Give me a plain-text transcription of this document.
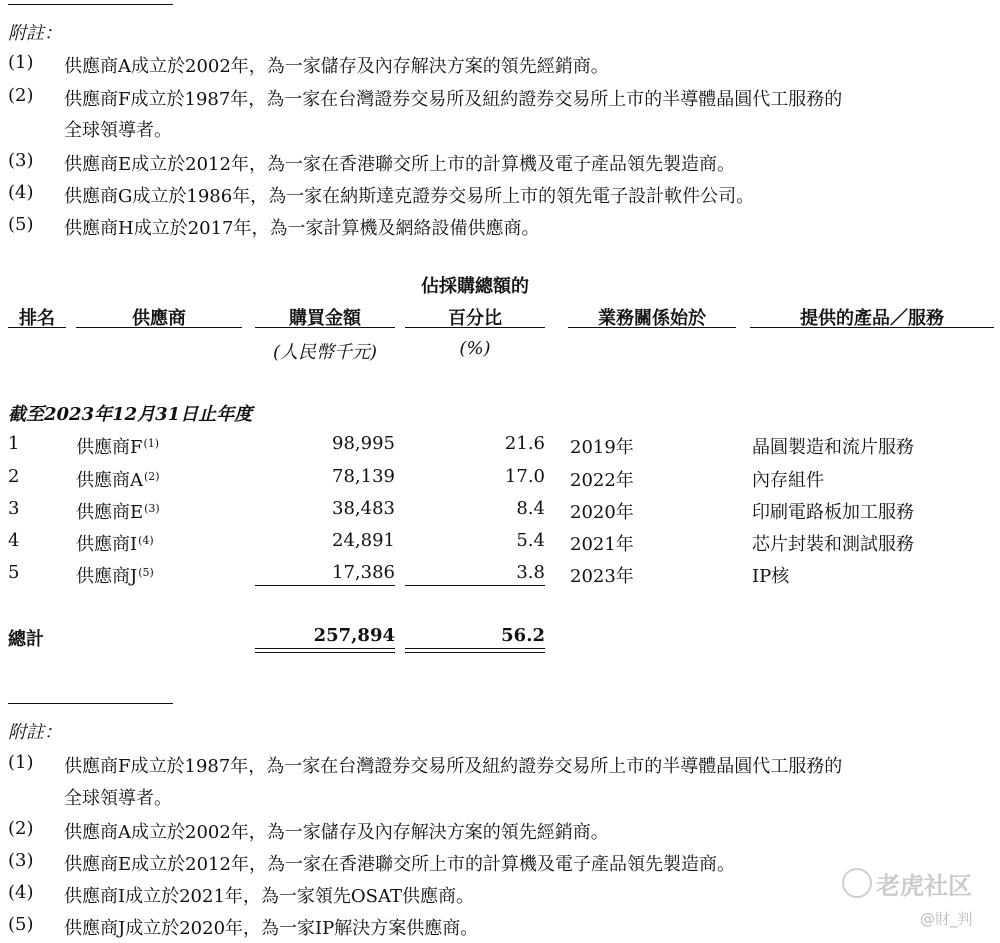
附註：
(1) 供應商A成立於2002年，為一家儲存及內存解決方案的領先經銷商。
(2) 供應商F成立於1987年，為一家在台灣證券交易所及紐約證券交易所上市的半導體晶圓代工服務的
全球領導者。
(3) 供應商E成立於2012年，為一家在香港聯交所上市的計算機及電子產品領先製造商。
(4) 供應商G成立於1986年，為一家在納斯達克證券交易所上市的領先電子設計軟件公司。
(5) 供應商H成立於2017年，為一家計算機及網絡設備供應商。
佔採購總額的
排名	供應商	購買金額	百分比	業務關係始於	提供的產品／服務
(人民幣千元)	(%)
截至2023年12月31日止年度
1	供應商$F^{(1)}$	98,995	21.6 2019年	晶圓製造和流片服務
2	供應商$A^{(2)}$	78,139	17.0 2022年	內存組件
3	供應商$E^{(3)}$	38,483	8.4 2020年	印刷電路板加工服務
4	供應商$I^{(4)}$	24,891	5.4 2021年	芯片封裝和測試服務
5	供應商$J^{(5)}$	17,386	3.8 2023年	IP核
總計	257,894	56.2
附註：
(1) 供應商F成立於1987年，為一家在台灣證券交易所及紐約證券交易所上市的半導體晶圓代工服務的
全球領導者。
(2) 供應商A成立於2002年，為一家儲存及內存解決方案的領先經銷商。
(3) 供應商E成立於2012年，為一家在香港聯交所上市的計算機及電子產品領先製造商。
(4) 供應商I成立於2021年，為一家領先OSAT供應商。
(5) 供應商J成立於2020年，為一家IP解決方案供應商。
老虎社区
@財_判
